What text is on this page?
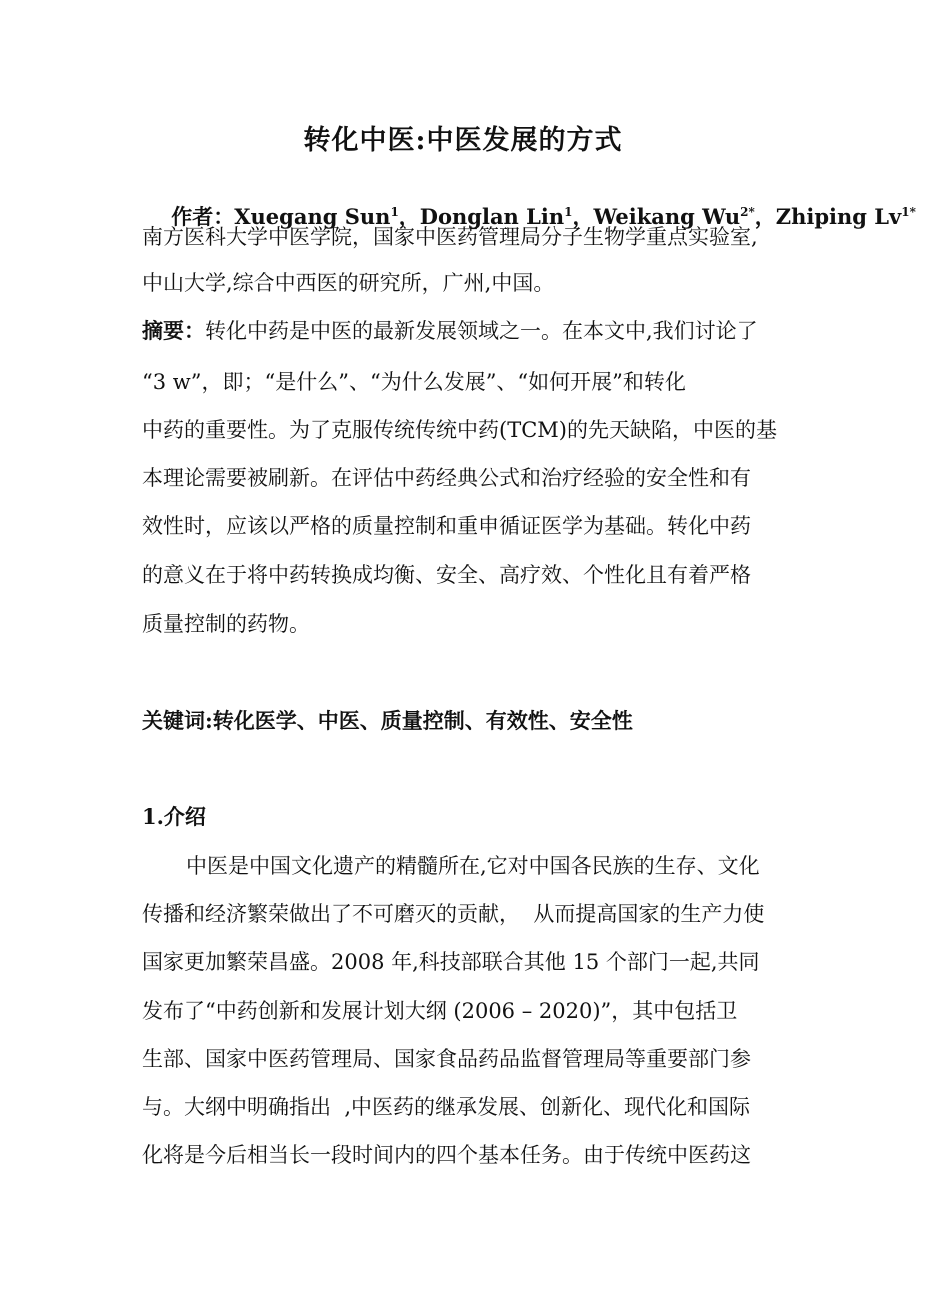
转化中医:中医发展的方式

作者：Xuegang Sun$^1$，Donglan Lin$^1$，Weikang Wu$^{2*}$，Zhiping Lv$^{1*}$

南方医科大学中医学院，国家中医药管理局分子生物学重点实验室,
中山大学,综合中西医的研究所，广州,中国。
摘要：转化中药是中医的最新发展领域之一。在本文中,我们讨论了
“3 w”，即；“是什么”、“为什么发展”、“如何开展”和转化
中药的重要性。为了克服传统传统中药(TCM)的先天缺陷，中医的基
本理论需要被刷新。在评估中药经典公式和治疗经验的安全性和有
效性时，应该以严格的质量控制和重申循证医学为基础。转化中药
的意义在于将中药转换成均衡、安全、高疗效、个性化且有着严格
质量控制的药物。
关键词:转化医学、中医、质量控制、有效性、安全性
1.介绍
中医是中国文化遗产的精髓所在,它对中国各民族的生存、文化
传播和经济繁荣做出了不可磨灭的贡献，  从而提高国家的生产力使
国家更加繁荣昌盛。2008 年,科技部联合其他 15 个部门一起,共同
发布了“中药创新和发展计划大纲 (2006 – 2020)”，其中包括卫
生部、国家中医药管理局、国家食品药品监督管理局等重要部门参
与。大纲中明确指出  ,中医药的继承发展、创新化、现代化和国际
化将是今后相当长一段时间内的四个基本任务。由于传统中医药这
